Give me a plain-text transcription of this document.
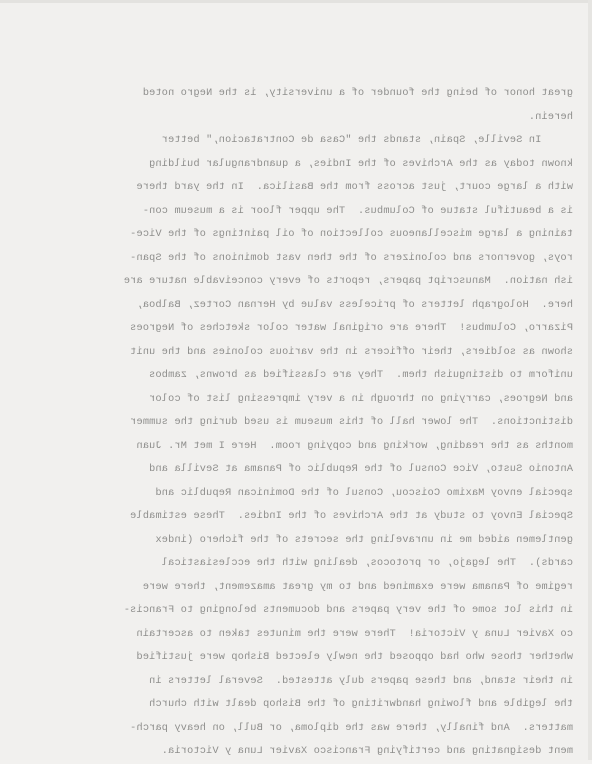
great honor of being the founder of a university, is the Negro noted
herein.
In Seville, Spain, stands the "Casa de Contratacion," better
known today as the Archives of the Indies, a quandrangular building
with a large court, just across from the Basilica.  In the yard there
is a beautiful statue of Columbus.  The upper floor is a museum con-
taining a large miscellaneous collection of oil paintings of the Vice-
roys, governors and colonizers of the then vast dominions of the Span-
ish nation.  Manuscript papers, reports of every conceivable nature are
here.  Holograph letters of priceless value by Hernan Cortez, Balboa,
Pizarro, Columbus!  There are original water color sketches of Negroes
shown as soldiers, their officers in the various colonies and the unit
uniform to distinguish them.  They are classified as browns, zambos
and Negroes, carrying on through in a very impressing list of color
distinctions.  The lower hall of this museum is used during the summer
months as the reading, working and copying room.  Here I met Mr. Juan
Antonio Susto, Vice Consul of the Republic of Panama at Sevilla and
special envoy Maximo Coiscou, Consul of the Dominican Republic and
Special Envoy to study at the Archives of the Indies.  These estimable
gentlemen aided me in unraveling the secrets of the fichero (index
cards).  The legajo, or protocos, dealing with the ecclesiastical
regime of Panama were examined and to my great amazement, there were
in this lot some of the very papers and documents belonging to Francis-
co Xavier Luna y Victoria!  There were the minutes taken to ascertain
whether those who had opposed the newly elected Bishop were justified
in their stand, and these papers duly attested.  Several letters in
the legible and flowing handwriting of the Bishop dealt with church
matters.  And finally, there was the diploma, or Bull, on heavy parch-
ment designating and certifying Francisco Xavier Luna y Victoria.
